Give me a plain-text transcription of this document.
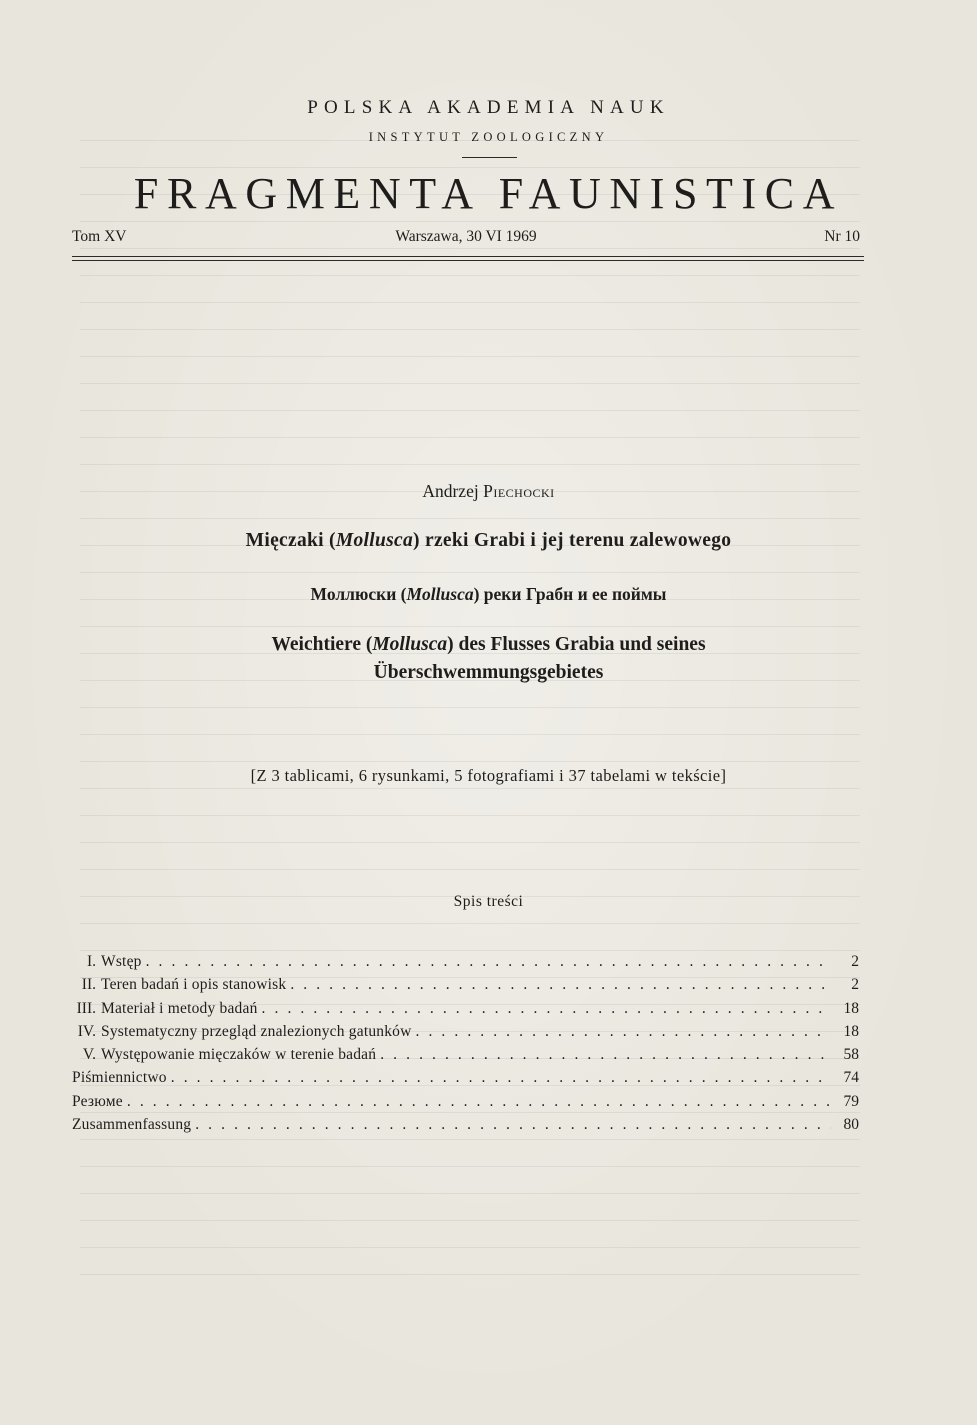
POLSKA AKADEMIA NAUK
INSTYTUT ZOOLOGICZNY
FRAGMENTA FAUNISTICA
Tom XV	Warszawa, 30 VI 1969	Nr 10
Andrzej Piechocki
Mięczaki (Mollusca) rzeki Grabi i jej terenu zalewowego
Моллюски (Mollusca) реки Грабн и ее поймы
Weichtiere (Mollusca) des Flusses Grabia und seines
Überschwemmungsgebietes
[Z 3 tablicami, 6 rysunkami, 5 fotografiami i 37 tabelami w tekście]
Spis treści
I. Wstęp . . .	2
II. Teren badań i opis stanowisk . . .	2
III. Materiał i metody badań . . .	18
IV. Systematyczny przegląd znalezionych gatunków . . .	18
V. Występowanie mięczaków w terenie badań . . .	58
Piśmiennictwo . . .	74
Резюме . . .	79
Zusammenfassung . . .	80
